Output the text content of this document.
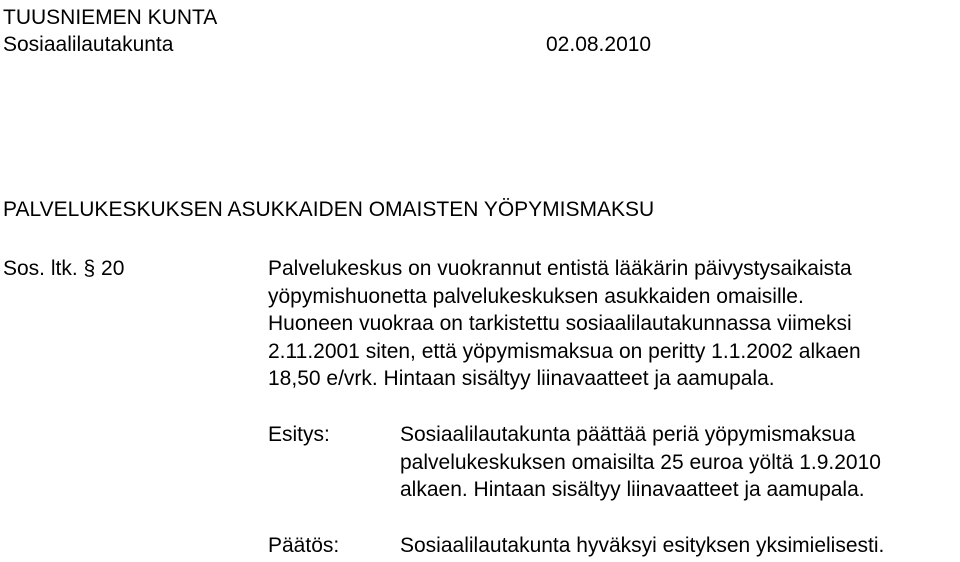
TUUSNIEMEN KUNTA
Sosiaalilautakunta	02.08.2010
PALVELUKESKUKSEN ASUKKAIDEN OMAISTEN YÖPYMISMAKSU
Sos. ltk. § 20	Palvelukeskus on vuokrannut entistä lääkärin päivystysaikaista
yöpymishuonetta palvelukeskuksen asukkaiden omaisille.
Huoneen vuokraa on tarkistettu sosiaalilautakunnassa viimeksi
2.11.2001 siten, että yöpymismaksua on peritty 1.1.2002 alkaen
18,50 e/vrk. Hintaan sisältyy liinavaatteet ja aamupala.
Esitys:	Sosiaalilautakunta päättää periä yöpymismaksua
palvelukeskuksen omaisilta 25 euroa yöltä 1.9.2010
alkaen. Hintaan sisältyy liinavaatteet ja aamupala.
Päätös:	Sosiaalilautakunta hyväksyi esityksen yksimielisesti.
